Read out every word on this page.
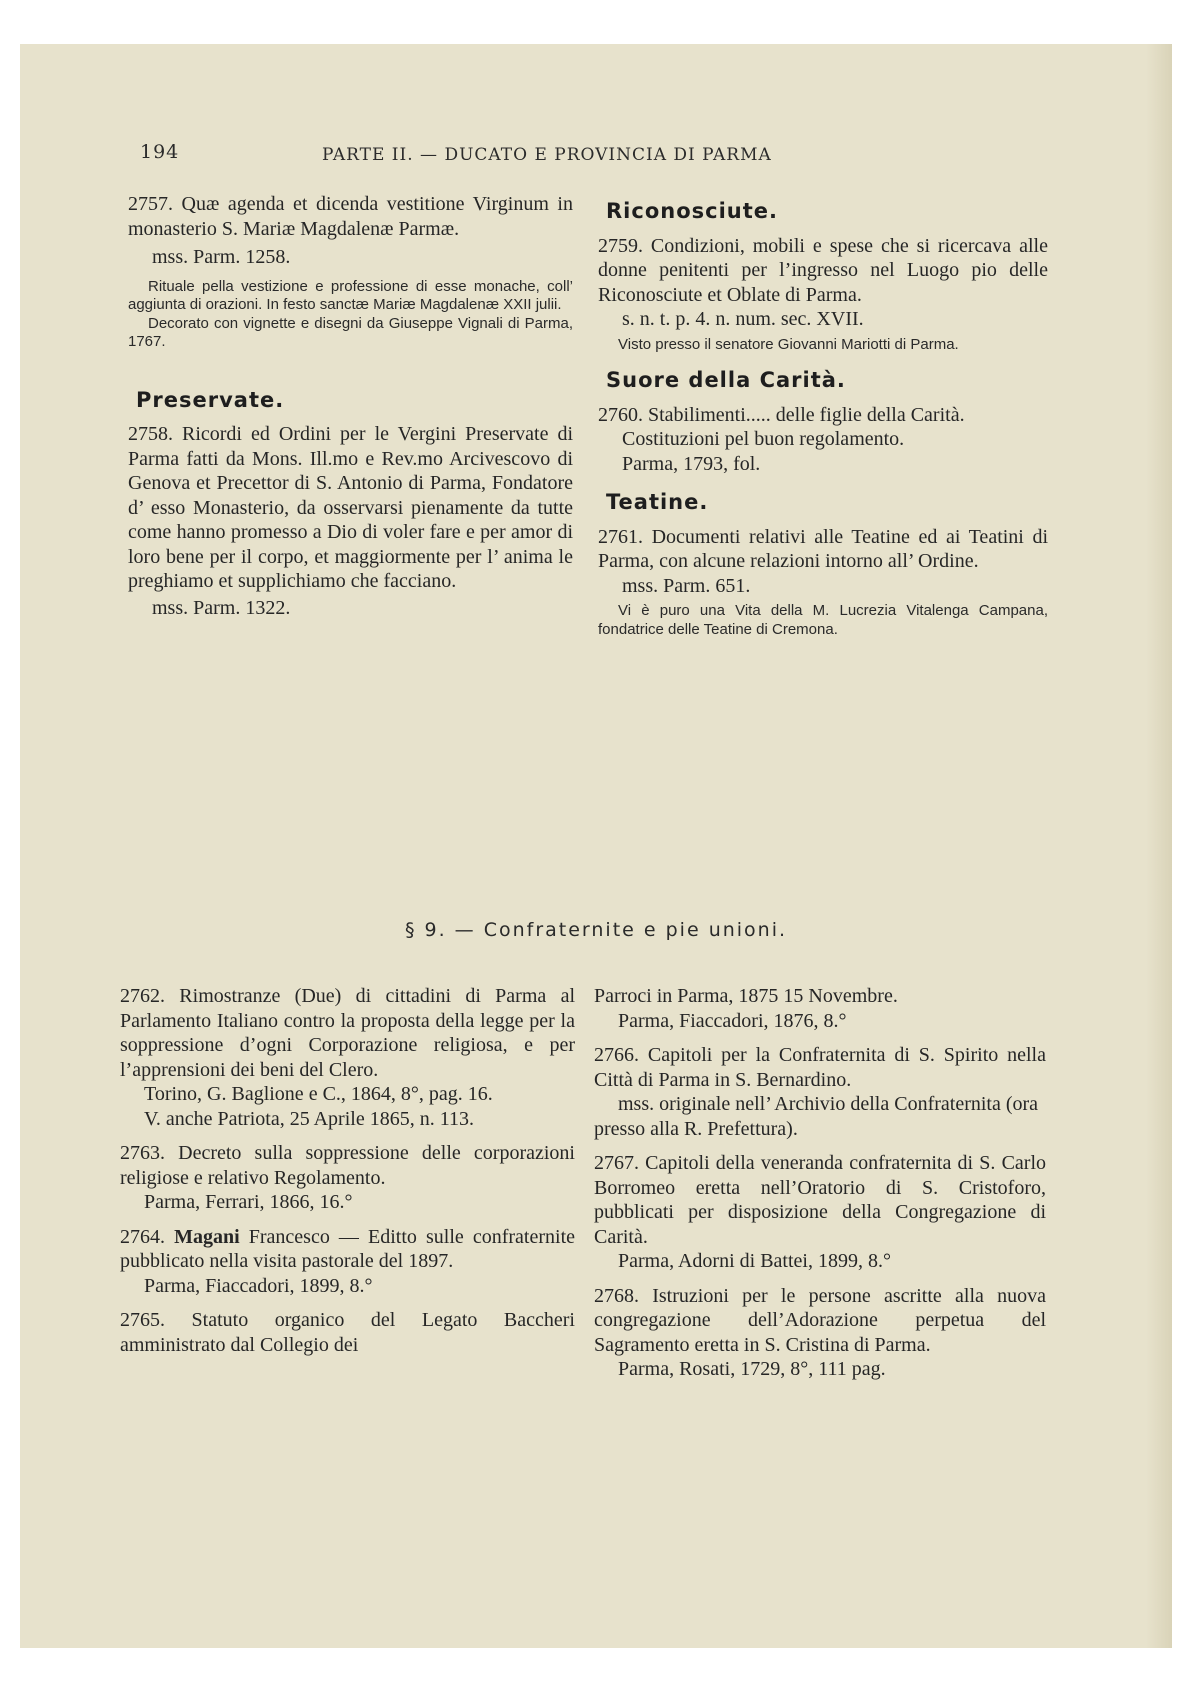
194	PARTE II. — DUCATO E PROVINCIA DI PARMA

2757. Quæ agenda et dicenda vestitione Virginum in monasterio S. Mariæ Magdalenæ Parmæ.

mss. Parm. 1258.

Rituale pella vestizione e professione di esse monache, coll’ aggiunta di orazioni. In festo sanctæ Mariæ Magdalenæ XXII julii.

Decorato con vignette e disegni da Giuseppe Vignali di Parma, 1767.

Preservate.

2758. Ricordi ed Ordini per le Vergini Preservate di Parma fatti da Mons. Ill.mo e Rev.mo Arcivescovo di Genova et Precettor di S. Antonio di Parma, Fondatore d’ esso Monasterio, da osservarsi pienamente da tutte come hanno promesso a Dio di voler fare e per amor di loro bene per il corpo, et maggiormente per l’ anima le preghiamo et supplichiamo che facciano.

mss. Parm. 1322.

Riconosciute.

2759. Condizioni, mobili e spese che si ricercava alle donne penitenti per l’ingresso nel Luogo pio delle Riconosciute et Oblate di Parma.

s. n. t. p. 4. n. num. sec. XVII.

Visto presso il senatore Giovanni Mariotti di Parma.

Suore della Carità.

2760. Stabilimenti..... delle figlie della Carità.

Costituzioni pel buon regolamento.

Parma, 1793, fol.

Teatine.

2761. Documenti relativi alle Teatine ed ai Teatini di Parma, con alcune relazioni intorno all’ Ordine.

mss. Parm. 651.

Vi è puro una Vita della M. Lucrezia Vitalenga Campana, fondatrice delle Teatine di Cremona.

§ 9. — Confraternite e pie unioni.

2762. Rimostranze (Due) di cittadini di Parma al Parlamento Italiano contro la proposta della legge per la soppressione d’ogni Corporazione religiosa, e per l’apprensioni dei beni del Clero.

Torino, G. Baglione e C., 1864, 8°, pag. 16.

V. anche Patriota, 25 Aprile 1865, n. 113.

2763. Decreto sulla soppressione delle corporazioni religiose e relativo Regolamento.

Parma, Ferrari, 1866, 16.°

2764. Magani Francesco — Editto sulle confraternite pubblicato nella visita pastorale del 1897.

Parma, Fiaccadori, 1899, 8.°

2765. Statuto organico del Legato Baccheri amministrato dal Collegio dei

Parroci in Parma, 1875 15 Novembre.

Parma, Fiaccadori, 1876, 8.°

2766. Capitoli per la Confraternita di S. Spirito nella Città di Parma in S. Bernardino.

mss. originale nell’ Archivio della Confraternita (ora presso alla R. Prefettura).

2767. Capitoli della veneranda confraternita di S. Carlo Borromeo eretta nell’Oratorio di S. Cristoforo, pubblicati per disposizione della Congregazione di Carità.

Parma, Adorni di Battei, 1899, 8.°

2768. Istruzioni per le persone ascritte alla nuova congregazione dell’Adorazione perpetua del Sagramento eretta in S. Cristina di Parma.

Parma, Rosati, 1729, 8°, 111 pag.
